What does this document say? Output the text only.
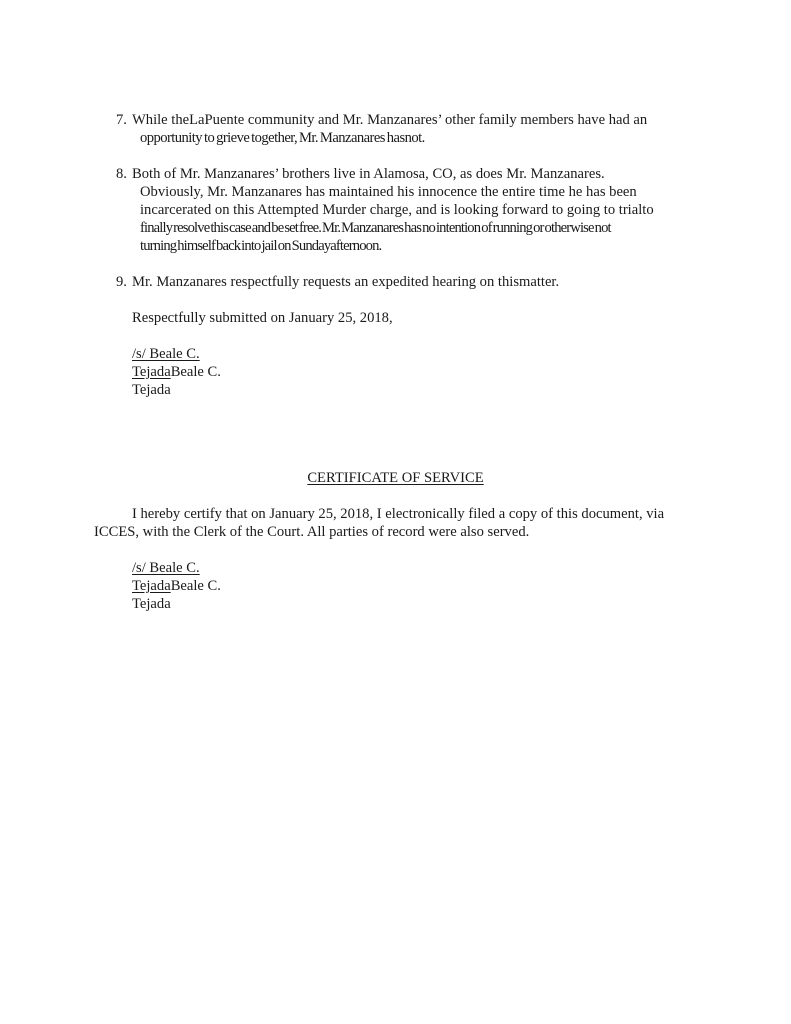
7. While theLaPuente community and Mr. Manzanares’ other family members have had an
opportunity to grieve together, Mr. Manzanares hasnot.
8. Both of Mr. Manzanares’ brothers live in Alamosa, CO, as does Mr. Manzanares.
Obviously, Mr. Manzanares has maintained his innocence the entire time he has been
incarcerated on this Attempted Murder charge, and is looking forward to going to trialto
finally resolve this case and be set free. Mr. Manzanares has no intention of running or otherwise not
turning himself back into jail on Sundayafternoon.
9. Mr. Manzanares respectfully requests an expedited hearing on thismatter.
Respectfully submitted on January 25, 2018,
/s/ Beale C.
TejadaBeale C.
Tejada
CERTIFICATE OF SERVICE
I hereby certify that on January 25, 2018, I electronically filed a copy of this document, via
ICCES, with the Clerk of the Court. All parties of record were also served.
/s/ Beale C.
TejadaBeale C.
Tejada
